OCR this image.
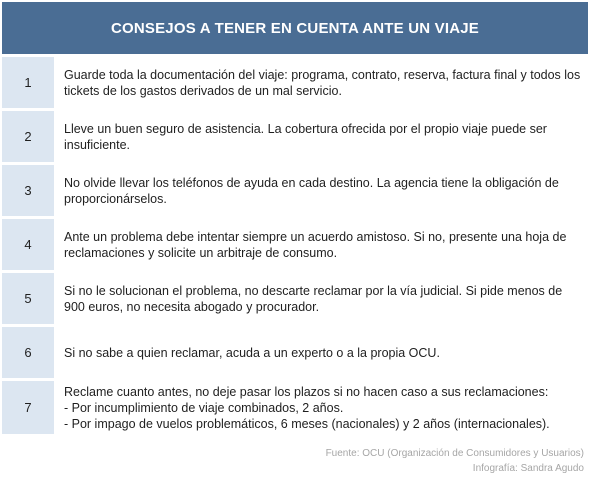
CONSEJOS A TENER EN CUENTA ANTE UN VIAJE
1
Guarde toda la documentación del viaje: programa, contrato, reserva, factura final y todos los tickets de los gastos derivados de un mal servicio.
2
Lleve un buen seguro de asistencia. La cobertura ofrecida por el propio viaje puede ser insuficiente.
3
No olvide llevar los teléfonos de ayuda en cada destino. La agencia tiene la obligación de proporcionárselos.
4
Ante un problema debe intentar siempre un acuerdo amistoso. Si no, presente una hoja de reclamaciones y solicite un arbitraje de consumo.
5
Si no le solucionan el problema, no descarte reclamar por la vía judicial. Si pide menos de 900 euros, no necesita abogado y procurador.
6	Si no sabe a quien reclamar, acuda a un experto o a la propia OCU.
7
Reclame cuanto antes, no deje pasar los plazos si no hacen caso a sus reclamaciones:
- Por incumplimiento de viaje combinados, 2 años.
- Por impago de vuelos problemáticos, 6 meses (nacionales) y 2 años (internacionales).
Fuente: OCU (Organización de Consumidores y Usuarios)
Infografía: Sandra Agudo
